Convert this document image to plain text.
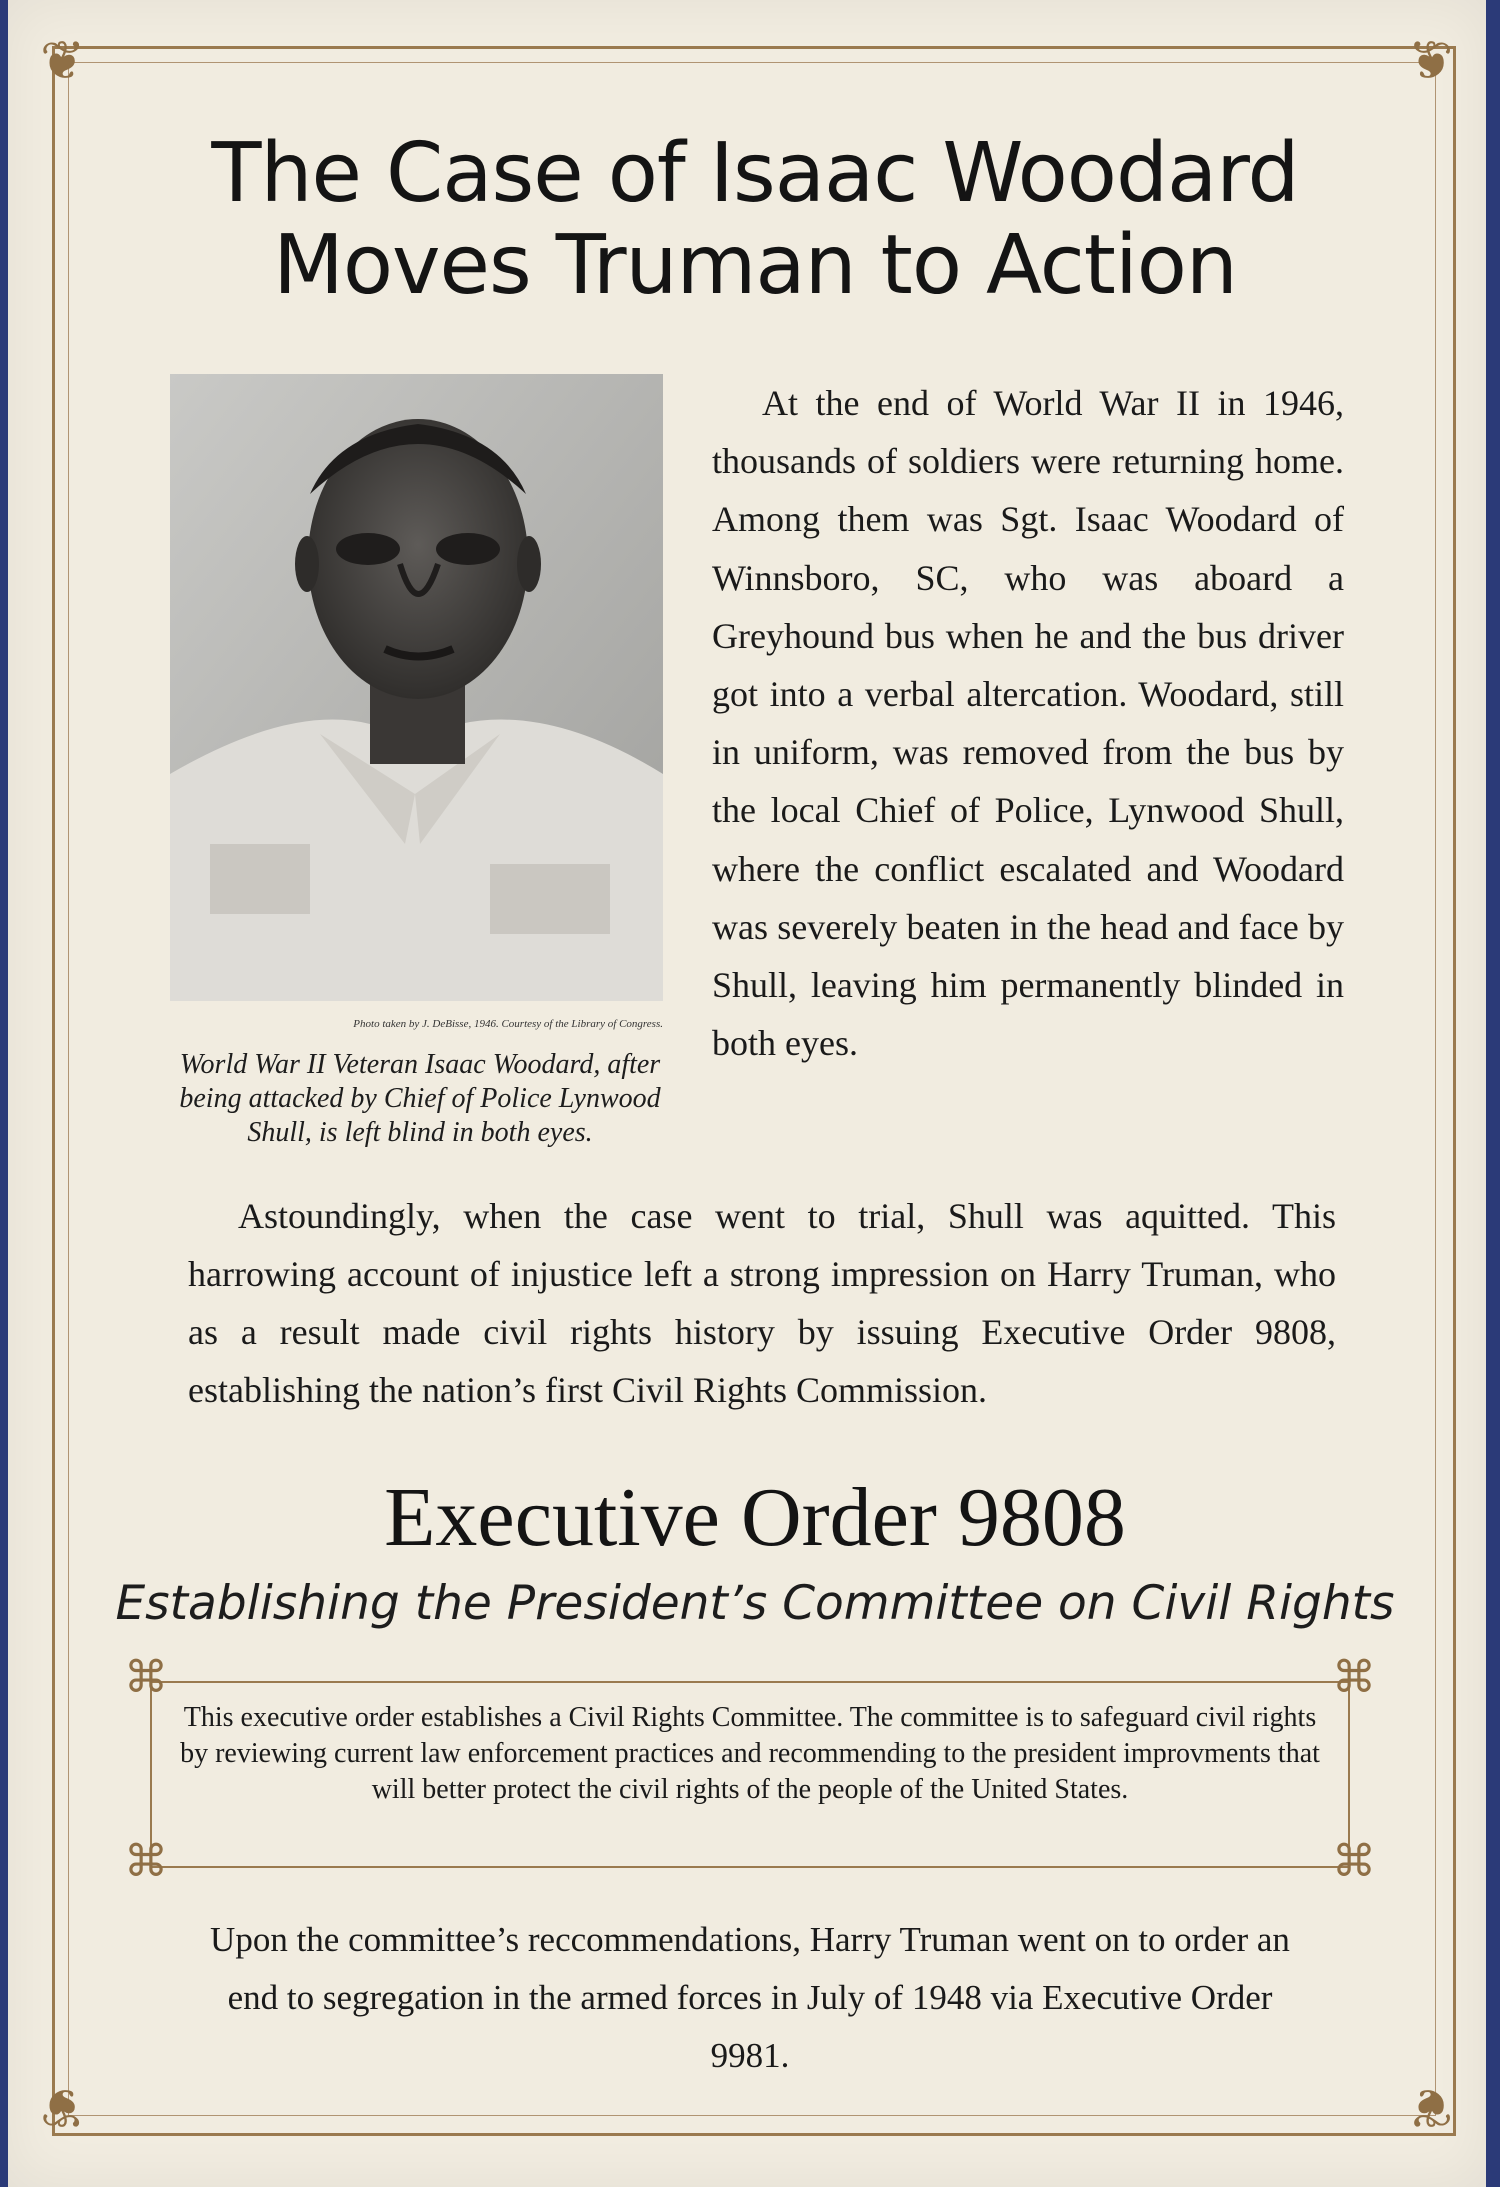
❦	❦
❦	❦
The Case of Isaac Woodard Moves Truman to Action
Photo taken by J. DeBisse, 1946. Courtesy of the Library of Congress.
World War II Veteran Isaac Woodard, after being attacked by Chief of Police Lynwood Shull, is left blind in both eyes.

At the end of World War II in 1946, thousands of soldiers were returning home. Among them was Sgt. Isaac Woodard of Winnsboro, SC, who was aboard a Greyhound bus when he and the bus driver got into a verbal altercation. Woodard, still in uniform, was removed from the bus by the local Chief of Police, Lynwood Shull, where the conflict escalated and Woodard was severely beaten in the head and face by Shull, leaving him permanently blinded in both eyes.

Astoundingly, when the case went to trial, Shull was aquitted. This harrowing account of injustice left a strong impression on Harry Truman, who as a result made civil rights history by issuing Executive Order 9808, establishing the nation’s first Civil Rights Commission.

Executive Order 9808
Establishing the President’s Committee on Civil Rights
⌘	⌘
⌘	⌘

This executive order establishes a Civil Rights Committee. The committee is to safeguard civil rights by reviewing current law enforcement practices and recommending to the president improvments that will better protect the civil rights of the people of the United States.

Upon the committee’s reccommendations, Harry Truman went on to order an end to segregation in the armed forces in July of 1948 via Executive Order 9981.
